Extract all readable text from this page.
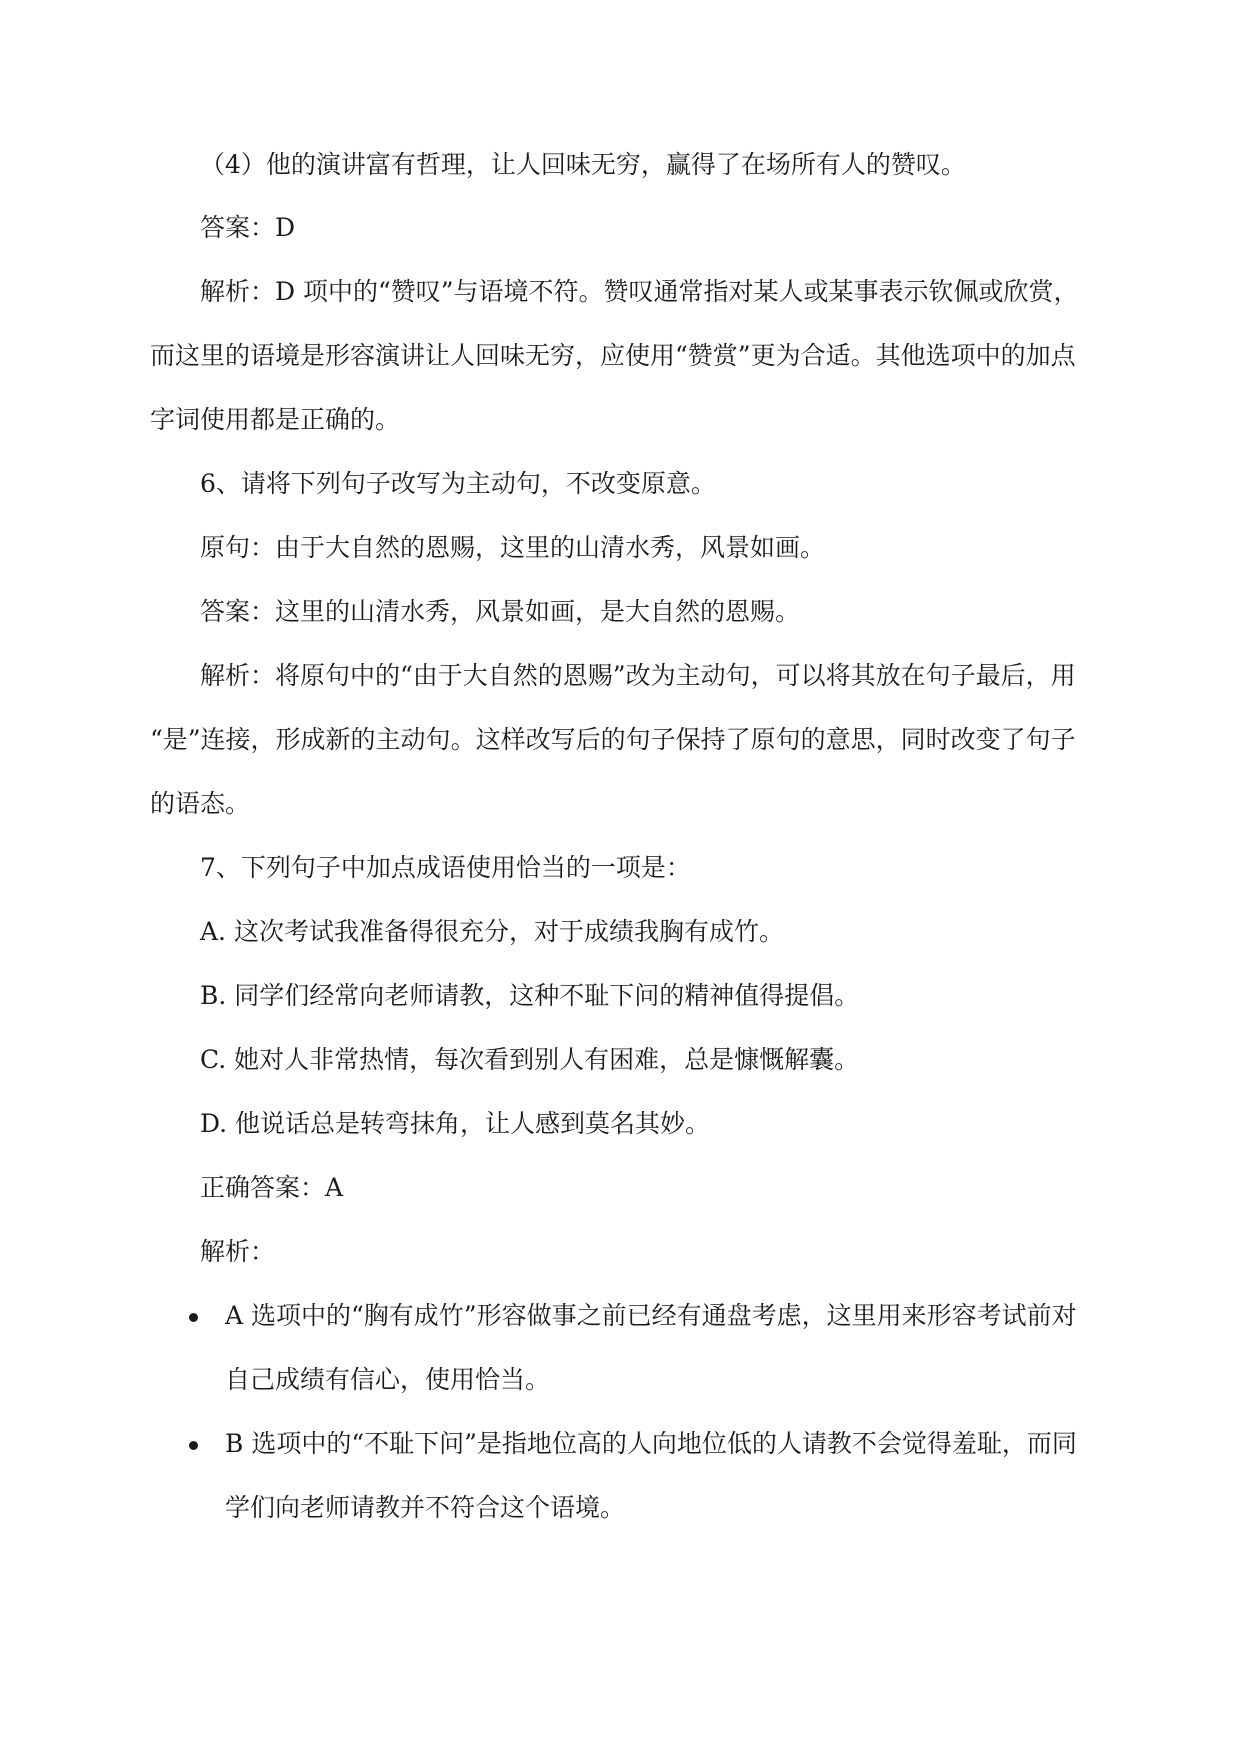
（4）他的演讲富有哲理，让人回味无穷，赢得了在场所有人的赞叹。

答案：D

解析：D 项中的“赞叹”与语境不符。赞叹通常指对某人或某事表示钦佩或欣赏，

而这里的语境是形容演讲让人回味无穷，应使用“赞赏”更为合适。其他选项中的加点

字词使用都是正确的。

6、请将下列句子改写为主动句，不改变原意。

原句：由于大自然的恩赐，这里的山清水秀，风景如画。

答案：这里的山清水秀，风景如画，是大自然的恩赐。

解析：将原句中的“由于大自然的恩赐”改为主动句，可以将其放在句子最后，用

“是”连接，形成新的主动句。这样改写后的句子保持了原句的意思，同时改变了句子

的语态。

7、下列句子中加点成语使用恰当的一项是：

A. 这次考试我准备得很充分，对于成绩我胸有成竹。

B. 同学们经常向老师请教，这种不耻下问的精神值得提倡。

C. 她对人非常热情，每次看到别人有困难，总是慷慨解囊。

D. 他说话总是转弯抹角，让人感到莫名其妙。

正确答案：A

解析：

A 选项中的“胸有成竹”形容做事之前已经有通盘考虑，这里用来形容考试前对

自己成绩有信心，使用恰当。

B 选项中的“不耻下问”是指地位高的人向地位低的人请教不会觉得羞耻，而同

学们向老师请教并不符合这个语境。
